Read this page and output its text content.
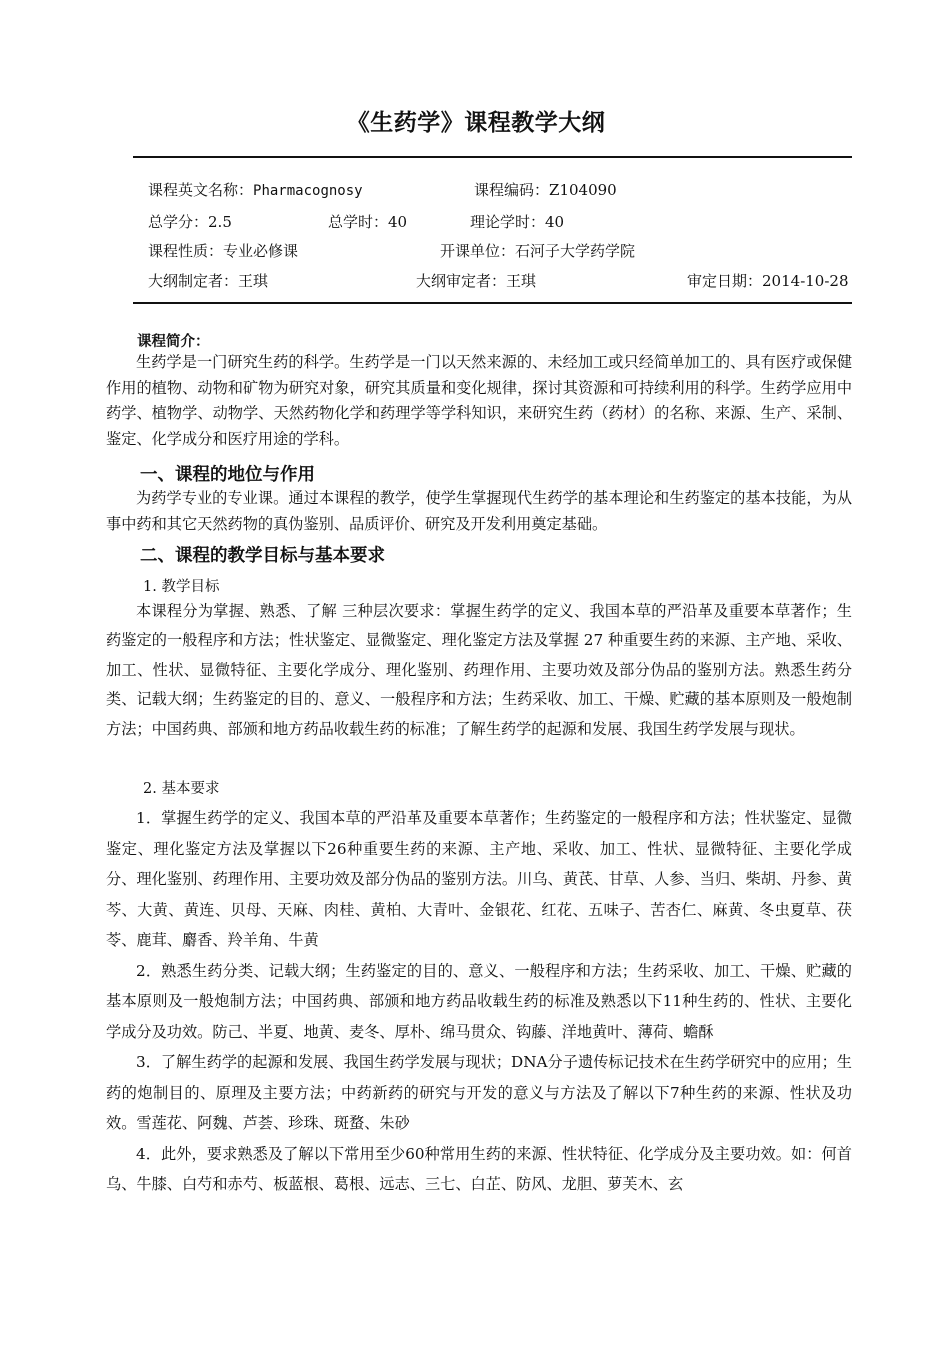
《生药学》课程教学大纲
课程英文名称：Pharmacognosy	课程编码：Z104090
总学分：2.5	总学时：40	理论学时：40
课程性质：专业必修课	开课单位：石河子大学药学院
大纲制定者：王琪	大纲审定者：王琪	审定日期：2014-10-28
课程简介：

生药学是一门研究生药的科学。生药学是一门以天然来源的、未经加工或只经简单加工的、具有医疗或保健作用的植物、动物和矿物为研究对象，研究其质量和变化规律，探讨其资源和可持续利用的科学。生药学应用中药学、植物学、动物学、天然药物化学和药理学等学科知识，来研究生药（药材）的名称、来源、生产、采制、鉴定、化学成分和医疗用途的学科。

一、课程的地位与作用

为药学专业的专业课。通过本课程的教学，使学生掌握现代生药学的基本理论和生药鉴定的基本技能，为从事中药和其它天然药物的真伪鉴别、品质评价、研究及开发利用奠定基础。

二、课程的教学目标与基本要求
1. 教学目标

本课程分为掌握、熟悉、了解 三种层次要求：掌握生药学的定义、我国本草的严沿革及重要本草著作；生药鉴定的一般程序和方法；性状鉴定、显微鉴定、理化鉴定方法及掌握 27 种重要生药的来源、主产地、采收、加工、性状、显微特征、主要化学成分、理化鉴别、药理作用、主要功效及部分伪品的鉴别方法。熟悉生药分类、记载大纲；生药鉴定的目的、意义、一般程序和方法；生药采收、加工、干燥、贮藏的基本原则及一般炮制方法；中国药典、部颁和地方药品收载生药的标准；了解生药学的起源和发展、我国生药学发展与现状。

2. 基本要求

1．掌握生药学的定义、我国本草的严沿革及重要本草著作；生药鉴定的一般程序和方法；性状鉴定、显微鉴定、理化鉴定方法及掌握以下26种重要生药的来源、主产地、采收、加工、性状、显微特征、主要化学成分、理化鉴别、药理作用、主要功效及部分伪品的鉴别方法。川乌、黄芪、甘草、人参、当归、柴胡、丹参、黄芩、大黄、黄连、贝母、天麻、肉桂、黄柏、大青叶、金银花、红花、五味子、苦杏仁、麻黄、冬虫夏草、茯苓、鹿茸、麝香、羚羊角、牛黄

2．熟悉生药分类、记载大纲；生药鉴定的目的、意义、一般程序和方法；生药采收、加工、干燥、贮藏的基本原则及一般炮制方法；中国药典、部颁和地方药品收载生药的标准及熟悉以下11种生药的、性状、主要化学成分及功效。防己、半夏、地黄、麦冬、厚朴、绵马贯众、钩藤、洋地黄叶、薄荷、蟾酥

3．了解生药学的起源和发展、我国生药学发展与现状；DNA分子遗传标记技术在生药学研究中的应用；生药的炮制目的、原理及主要方法；中药新药的研究与开发的意义与方法及了解以下7种生药的来源、性状及功效。雪莲花、阿魏、芦荟、珍珠、斑蝥、朱砂

4．此外，要求熟悉及了解以下常用至少60种常用生药的来源、性状特征、化学成分及主要功效。如：何首乌、牛膝、白芍和赤芍、板蓝根、葛根、远志、三七、白芷、防风、龙胆、萝芙木、玄
